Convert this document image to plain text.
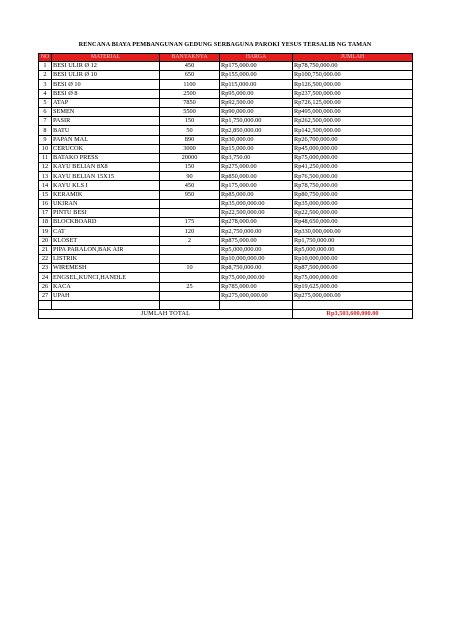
RENCANA BIAYA PEMBANGUNAN GEDUNG SERBAGUNA PAROKI YESUS TERSALIB NG TAMAN
NO	MATERIAL	BANYAKNYA	HARGA	JUMLAH
1	BESI ULIR Ø 12	450	Rp175,000.00	Rp78,750,000.00
2	BESI ULIR Ø 10	650	Rp155,000.00	Rp100,750,000.00
3	BESI Ø 10	1100	Rp115,000.00	Rp126,500,000.00
4	BESI Ø 8	2500	Rp95,000.00	Rp237,500,000.00
5	ATAP	7850	Rp92,500.00	Rp726,125,000.00
6	SEMEN	5500	Rp90,000.00	Rp495,000,000.00
7	PASIR	150	Rp1,750,000.00	Rp262,500,000.00
8	BATU	50	Rp2,850,000.00	Rp142,500,000.00
9	PAPAN MAL	890	Rp30,000.00	Rp26,700,000.00
10	CERUCOK	3000	Rp15,000.00	Rp45,000,000.00
11	BATAKO PRESS	20000	Rp3,750.00	Rp75,000,000.00
12	KAYU BELIAN 8X8	150	Rp275,000.00	Rp41,250,000.00
13	KAYU BELIAN 15X15	90	Rp850,000.00	Rp76,500,000.00
14	KAYU KLS I	450	Rp175,000.00	Rp78,750,000.00
15	KERAMIK	950	Rp85,000.00	Rp80,750,000.00
16	UKIRAN		Rp35,000,000.00	Rp35,000,000.00
17	PINTU BESI		Rp22,500,000.00	Rp22,500,000.00
18	BLOCKBOARD	175	Rp278,000.00	Rp48,650,000.00
19	CAT	120	Rp2,750,000.00	Rp330,000,000.00
20	KLOSET	2	Rp875,000.00	Rp1,750,000.00
21	PIPA PARALON,BAK AIR		Rp5,000,000.00	Rp5,000,000.00
22	LISTRIK		Rp10,000,000.00	Rp10,000,000.00
23	WIREMESH	10	Rp8,750,000.00	Rp87,500,000.00
24	ENGSEL,KUNCI,HANDLE		Rp75,000,000.00	Rp75,000,000.00
26	KACA	25	Rp785,000.00	Rp19,625,000.00
27	UPAH		Rp275,000,000.00	Rp275,000,000.00

JUMLAH TOTAL				Rp3,503,600,000.00
